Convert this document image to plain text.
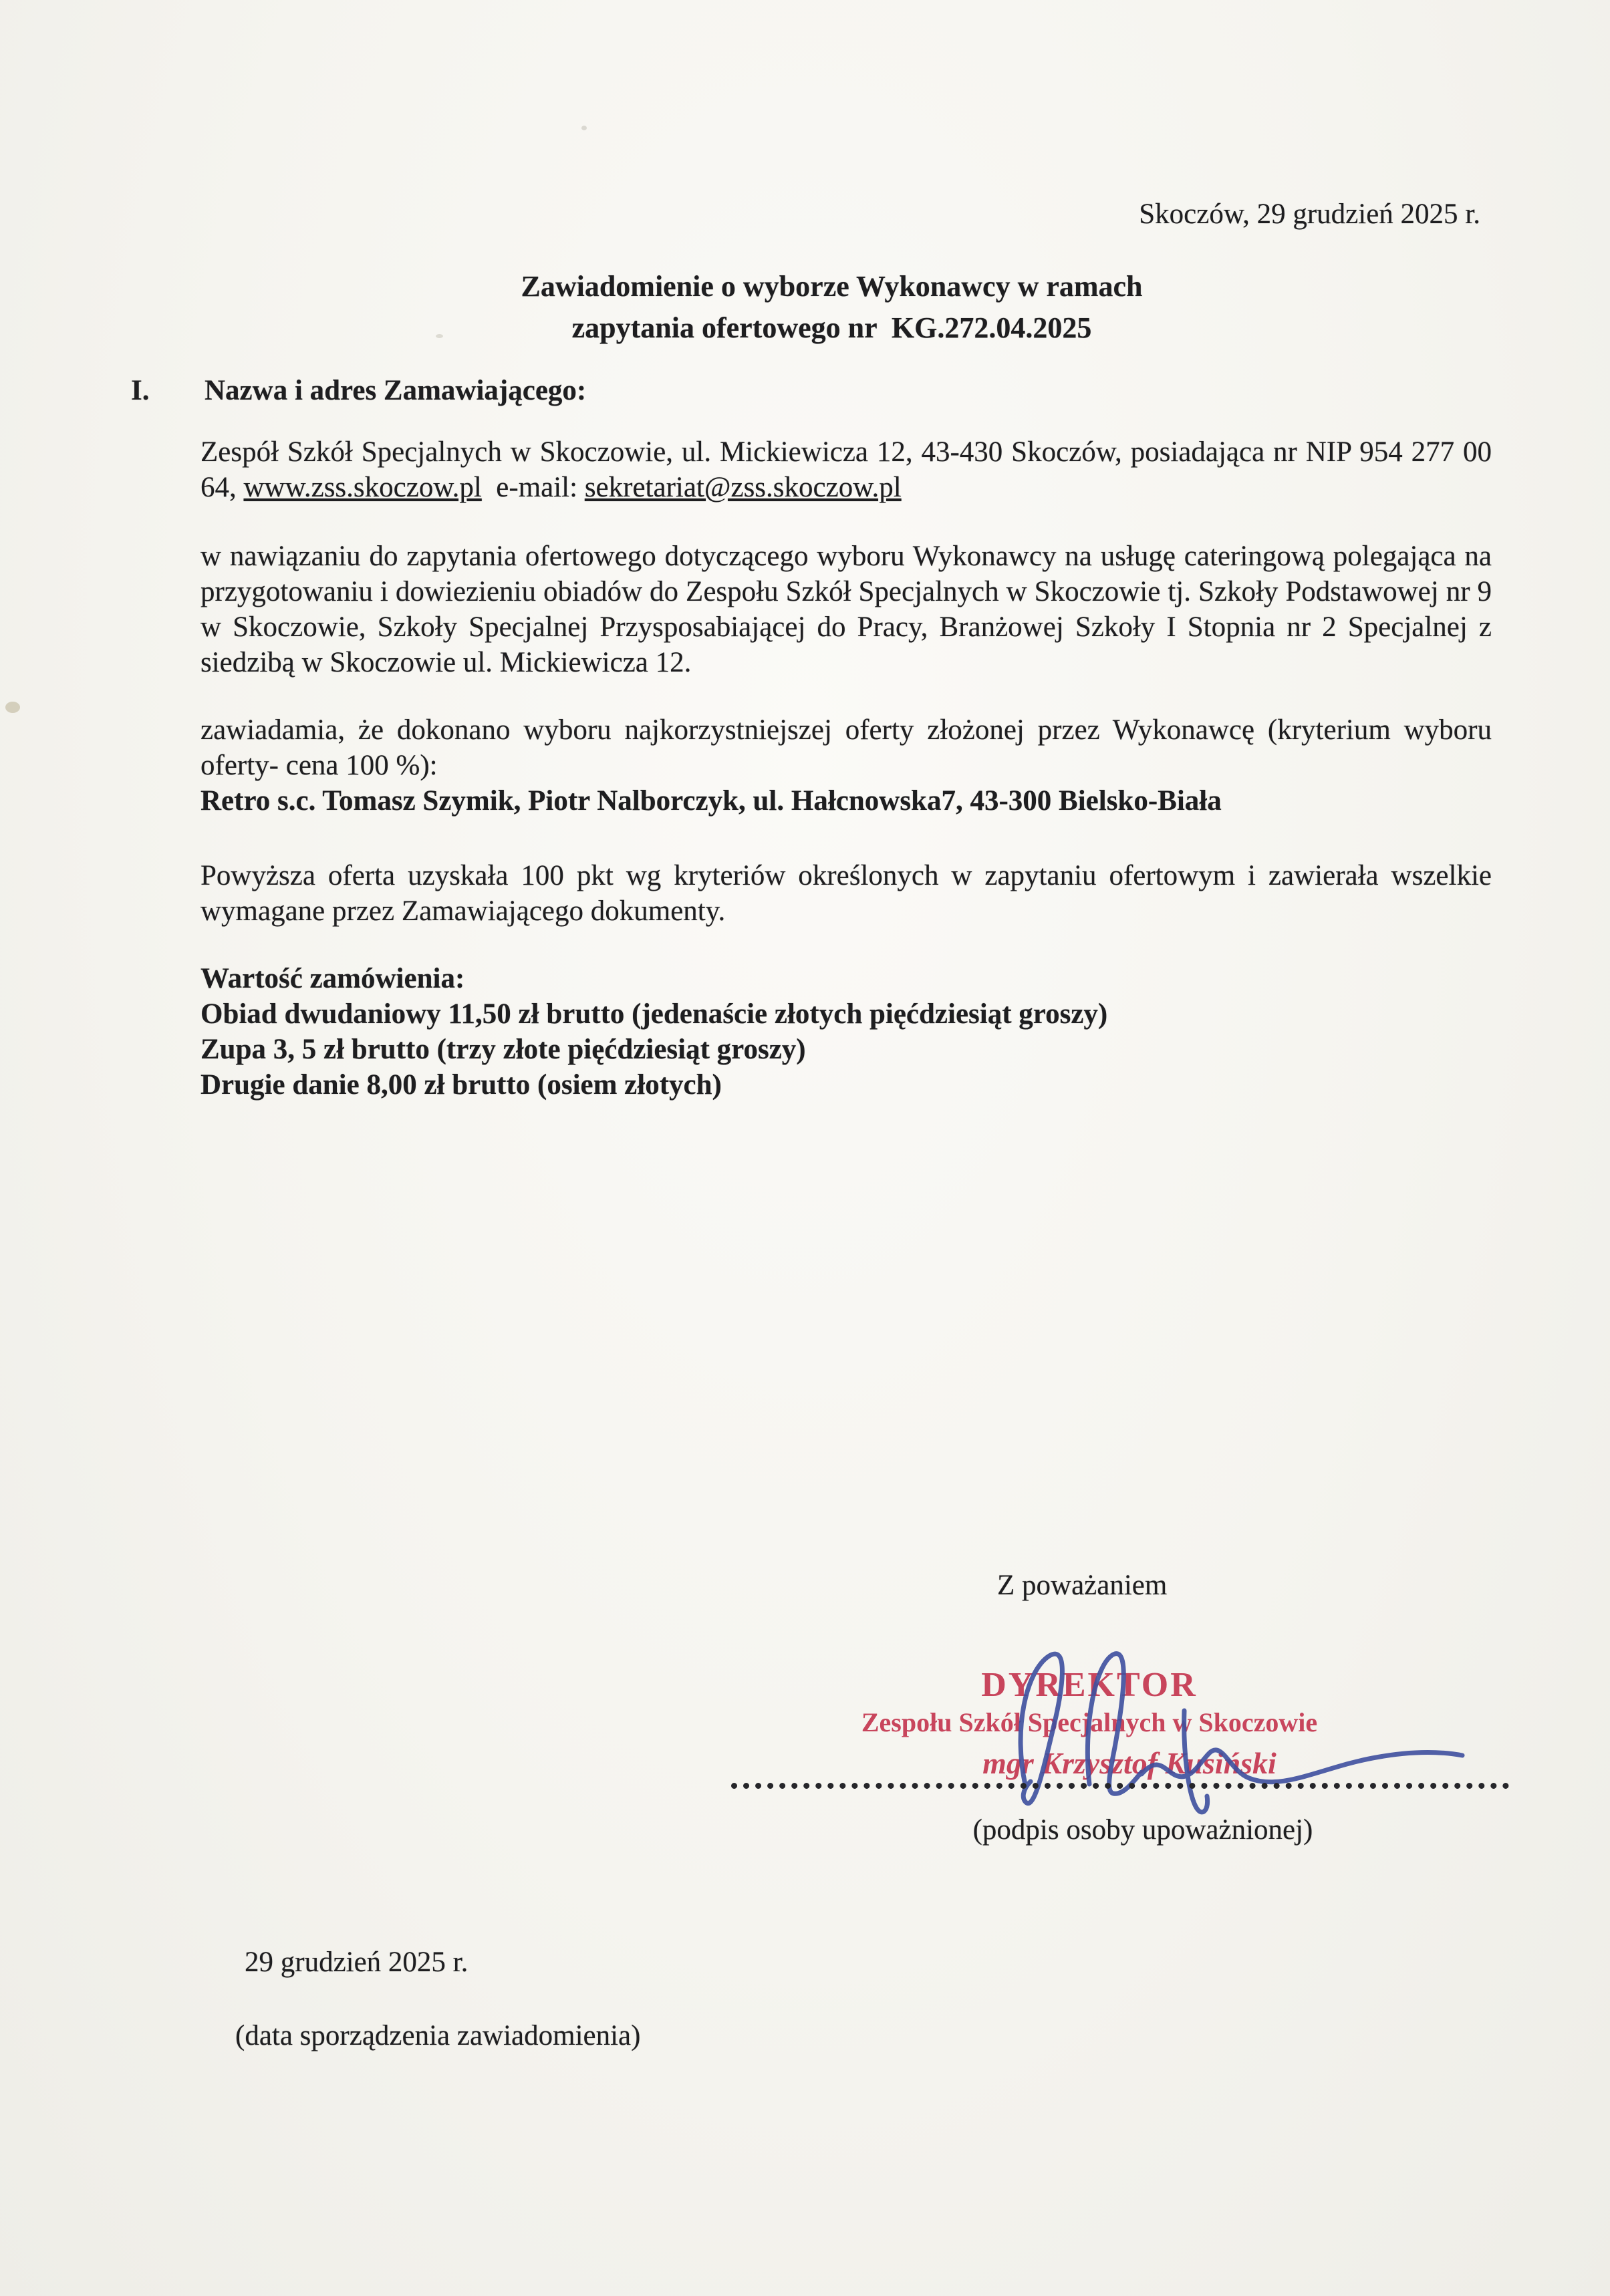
Skoczów, 29 grudzień 2025 r.
Zawiadomienie o wyborze Wykonawcy w ramach
zapytania ofertowego nr  KG.272.04.2025
I. Nazwa i adres Zamawiającego:

Zespół Szkół Specjalnych w Skoczowie, ul. Mickiewicza 12, 43-430 Skoczów, posiadająca nr NIP 954 277 00 64, www.zss.skoczow.pl  e-mail: sekretariat@zss.skoczow.pl

w nawiązaniu do zapytania ofertowego dotyczącego wyboru Wykonawcy na usługę cateringową polegająca na przygotowaniu i dowiezieniu obiadów do Zespołu Szkół Specjalnych w Skoczowie tj. Szkoły Podstawowej nr 9 w Skoczowie, Szkoły Specjalnej Przysposabiającej do Pracy, Branżowej Szkoły I Stopnia nr 2 Specjalnej z siedzibą w Skoczowie ul. Mickiewicza 12.

zawiadamia, że dokonano wyboru najkorzystniejszej oferty złożonej przez Wykonawcę (kryterium wyboru oferty- cena 100 %):

Retro s.c. Tomasz Szymik, Piotr Nalborczyk, ul. Hałcnowska7, 43-300 Bielsko-Biała

Powyższa oferta uzyskała 100 pkt wg kryteriów określonych w zapytaniu ofertowym i zawierała wszelkie wymagane przez Zamawiającego dokumenty.

Wartość zamówienia:
Obiad dwudaniowy 11,50 zł brutto (jedenaście złotych pięćdziesiąt groszy)
Zupa 3, 5 zł brutto (trzy złote pięćdziesiąt groszy)
Drugie danie 8,00 zł brutto (osiem złotych)
Z poważaniem
DYREKTOR
Zespołu Szkół Specjalnych w Skoczowie
mgr Krzysztof Kusiński
(podpis osoby upoważnionej)
29 grudzień 2025 r.
(data sporządzenia zawiadomienia)
